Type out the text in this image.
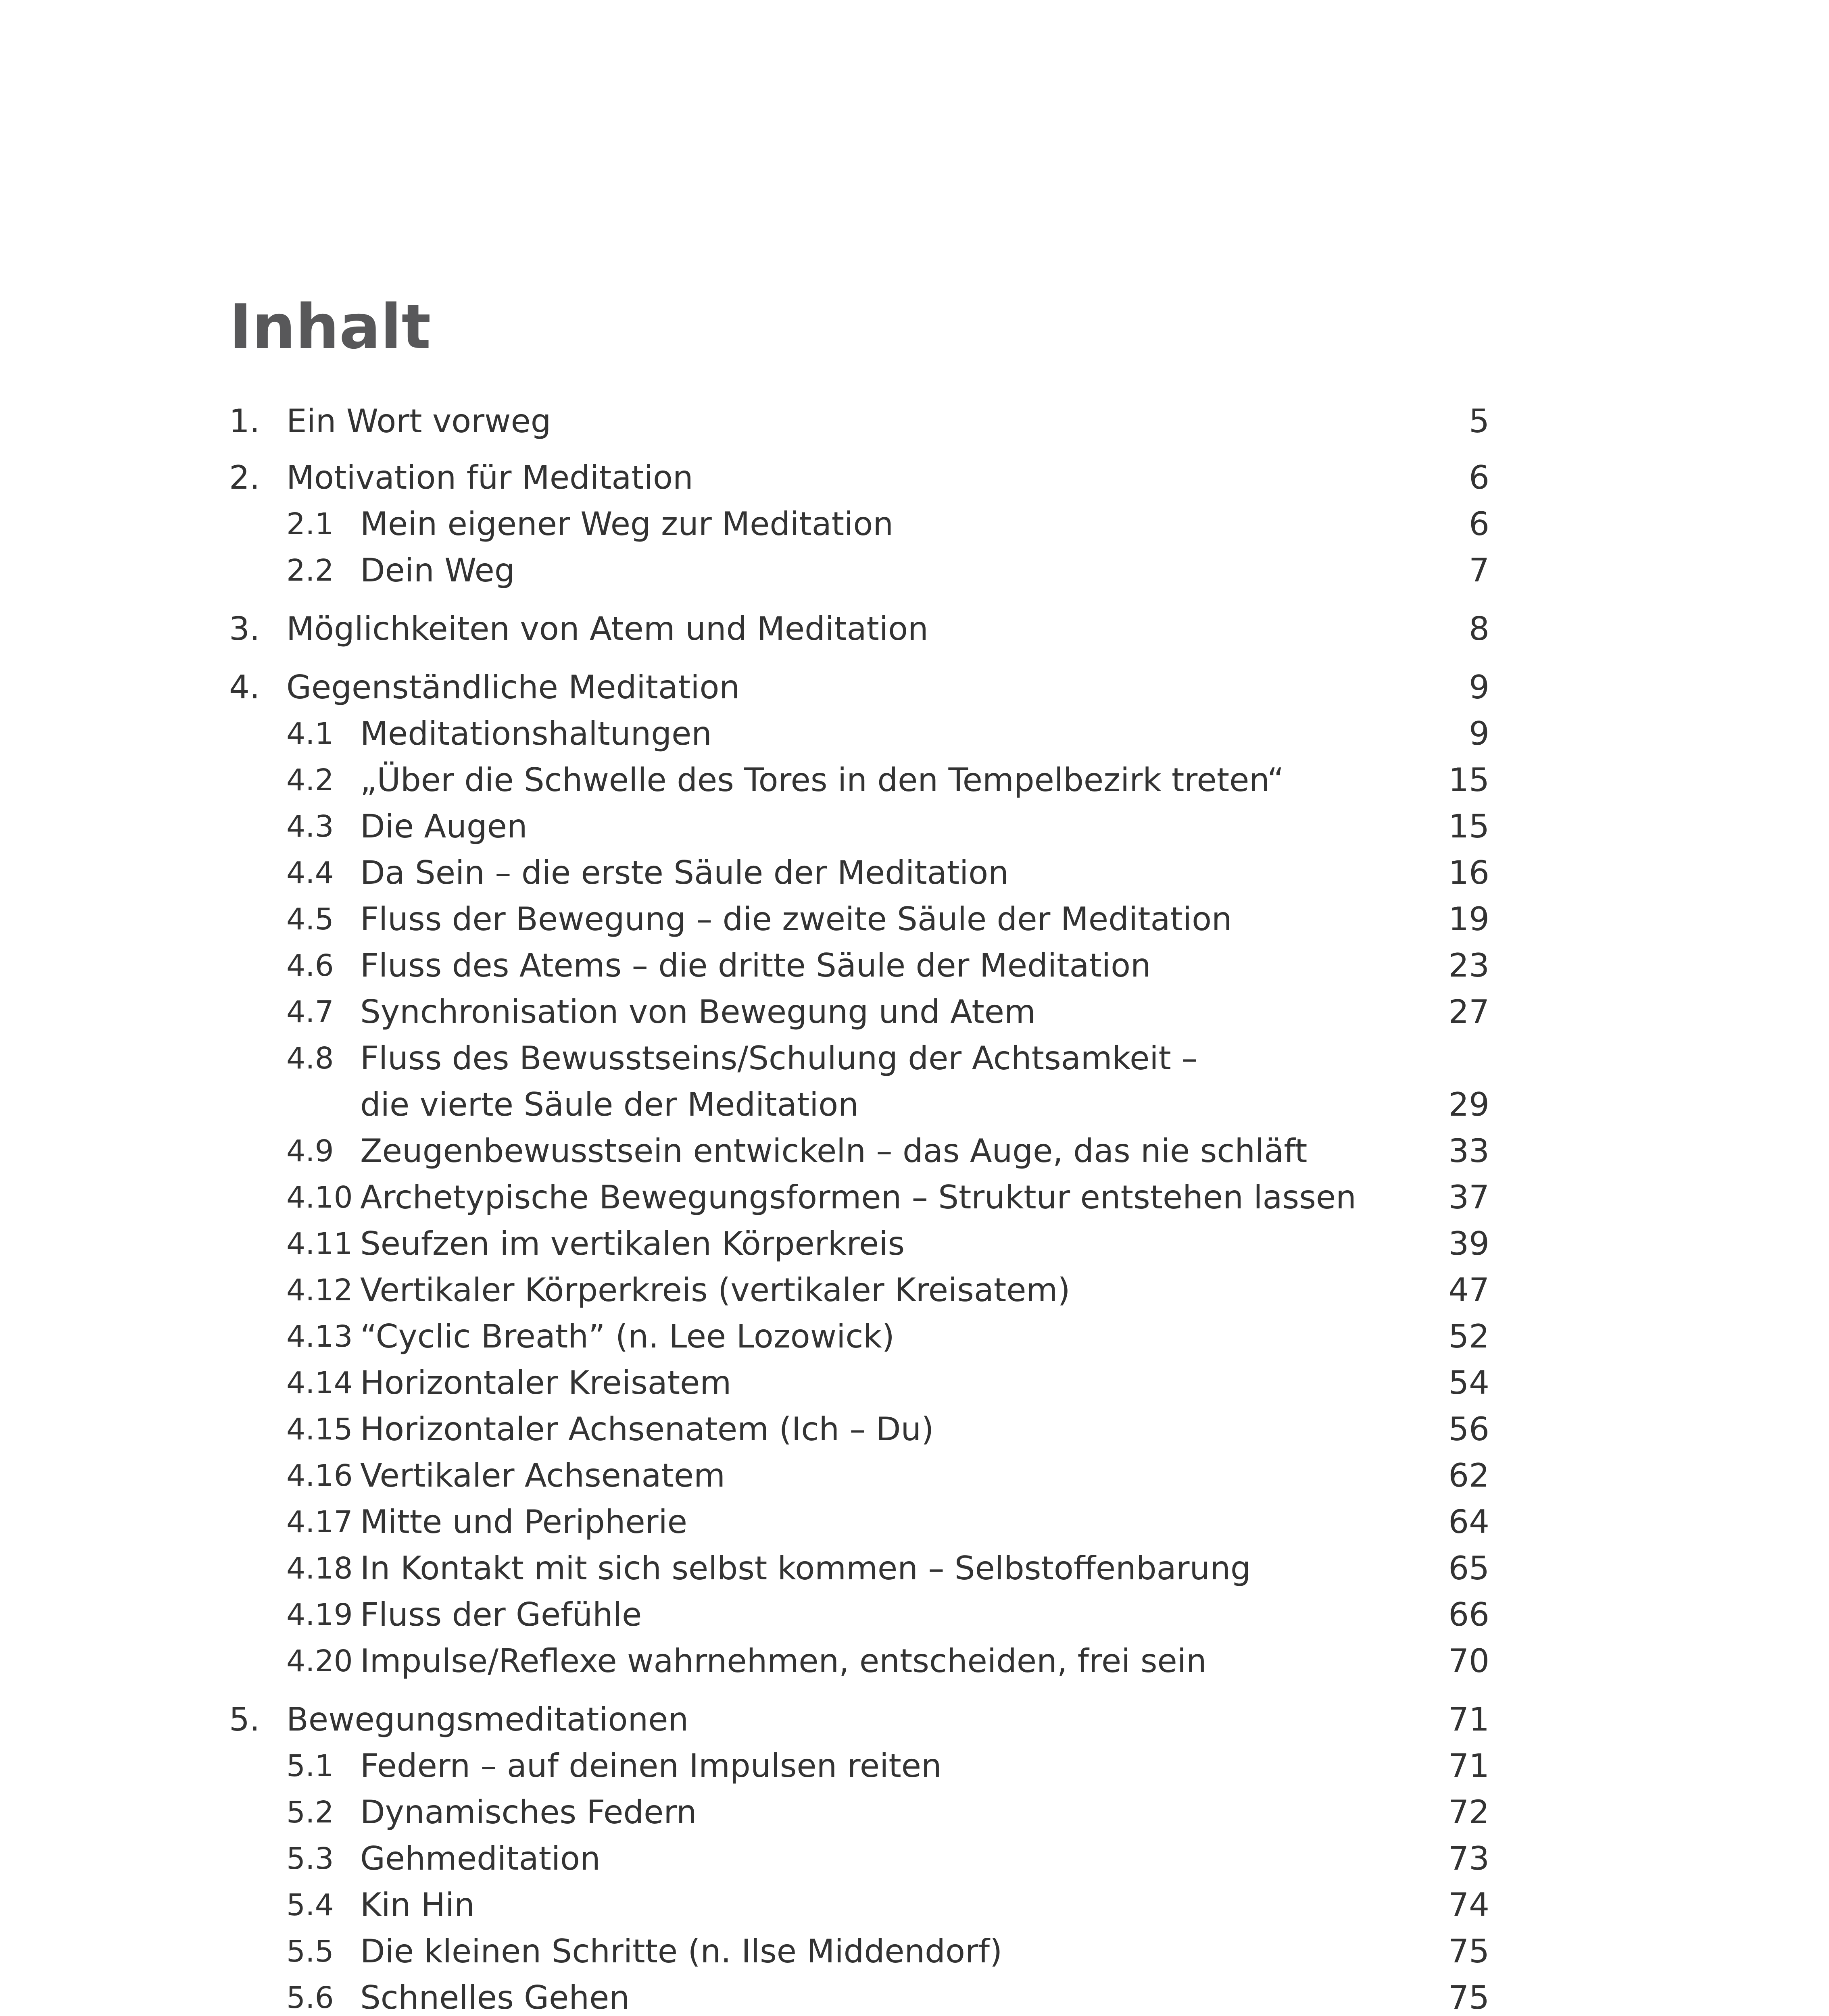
Inhalt
1. Ein Wort vorweg	5
2. Motivation für Meditation	6
2.1 Mein eigener Weg zur Meditation	6
2.2 Dein Weg	7
3. Möglichkeiten von Atem und Meditation	8
4. Gegenständliche Meditation	9
4.1 Meditationshaltungen	9
4.2 „Über die Schwelle des Tores in den Tempelbezirk treten“	15
4.3 Die Augen	15
4.4 Da Sein – die erste Säule der Meditation	16
4.5 Fluss der Bewegung – die zweite Säule der Meditation	19
4.6 Fluss des Atems – die dritte Säule der Meditation	23
4.7 Synchronisation von Bewegung und Atem	27
4.8 Fluss des Bewusstseins/Schulung der Achtsamkeit –
die vierte Säule der Meditation	29
4.9 Zeugenbewusstsein entwickeln – das Auge, das nie schläft	33
4.10 Archetypische Bewegungsformen – Struktur entstehen lassen	37
4.11 Seufzen im vertikalen Körperkreis	39
4.12 Vertikaler Körperkreis (vertikaler Kreisatem)	47
4.13 “Cyclic Breath” (n. Lee Lozowick)	52
4.14 Horizontaler Kreisatem	54
4.15 Horizontaler Achsenatem (Ich – Du)	56
4.16 Vertikaler Achsenatem	62
4.17 Mitte und Peripherie	64
4.18 In Kontakt mit sich selbst kommen – Selbstoffenbarung	65
4.19 Fluss der Gefühle	66
4.20 Impulse/Reflexe wahrnehmen, entscheiden, frei sein	70
5. Bewegungsmeditationen	71
5.1 Federn – auf deinen Impulsen reiten	71
5.2 Dynamisches Federn	72
5.3 Gehmeditation	73
5.4 Kin Hin	74
5.5 Die kleinen Schritte (n. Ilse Middendorf)	75
5.6 Schnelles Gehen	75
